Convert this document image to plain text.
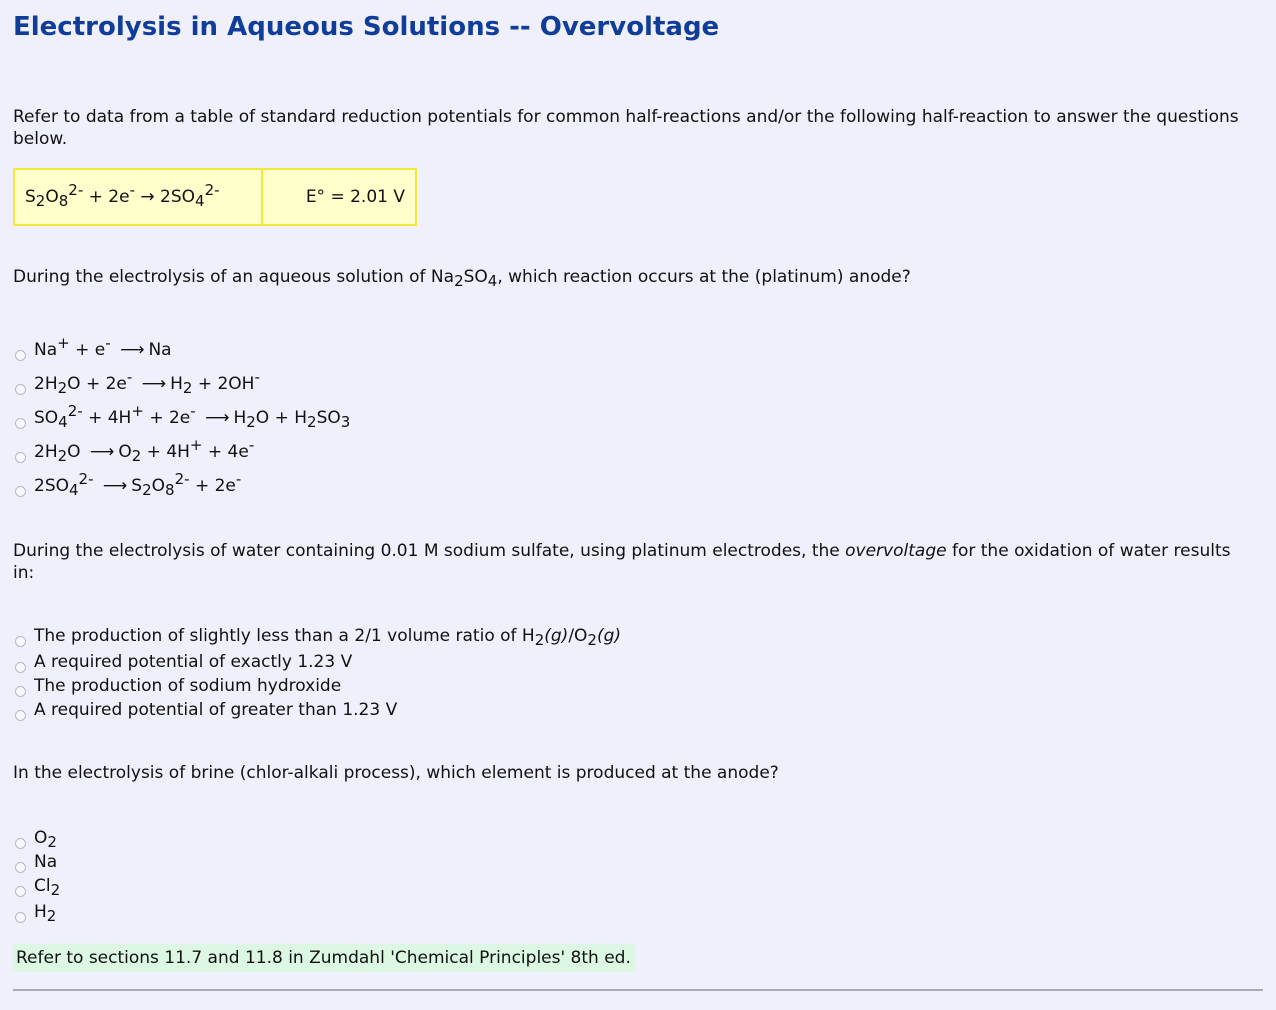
Electrolysis in Aqueous Solutions -- Overvoltage

Refer to data from a table of standard reduction potentials for common half-reactions and/or the following half-reaction to answer the questions below.

$S_2O_8^{2-} + 2e^- \to 2SO_4^{2-}$	E° = 2.01 V

During the electrolysis of an aqueous solution of $Na_2SO_4$, which reaction occurs at the (platinum) anode?

Na+ + e- ⟶ Na
$2H_2O + 2e^-$ ⟶ $H_2 + 2OH^-$
$SO_4^{2-} + 4H^+ + 2e^-$ ⟶ $H_2O + H_2SO_3$
$2H_2O$ ⟶ $O_2 + 4H^+ + 4e^-$
$2SO_4^{2-}$ ⟶ $S_2O_8^{2-} + 2e^-$

During the electrolysis of water containing 0.01 M sodium sulfate, using platinum electrodes, the overvoltage for the oxidation of water results in:

The production of slightly less than a 2/1 volume ratio of $H_2(g)/O_2(g)$
A required potential of exactly 1.23 V
The production of sodium hydroxide
A required potential of greater than 1.23 V

In the electrolysis of brine (chlor-alkali process), which element is produced at the anode?

$O_2$
Na
$Cl_2$
$H_2$
Refer to sections 11.7 and 11.8 in Zumdahl 'Chemical Principles' 8th ed.
